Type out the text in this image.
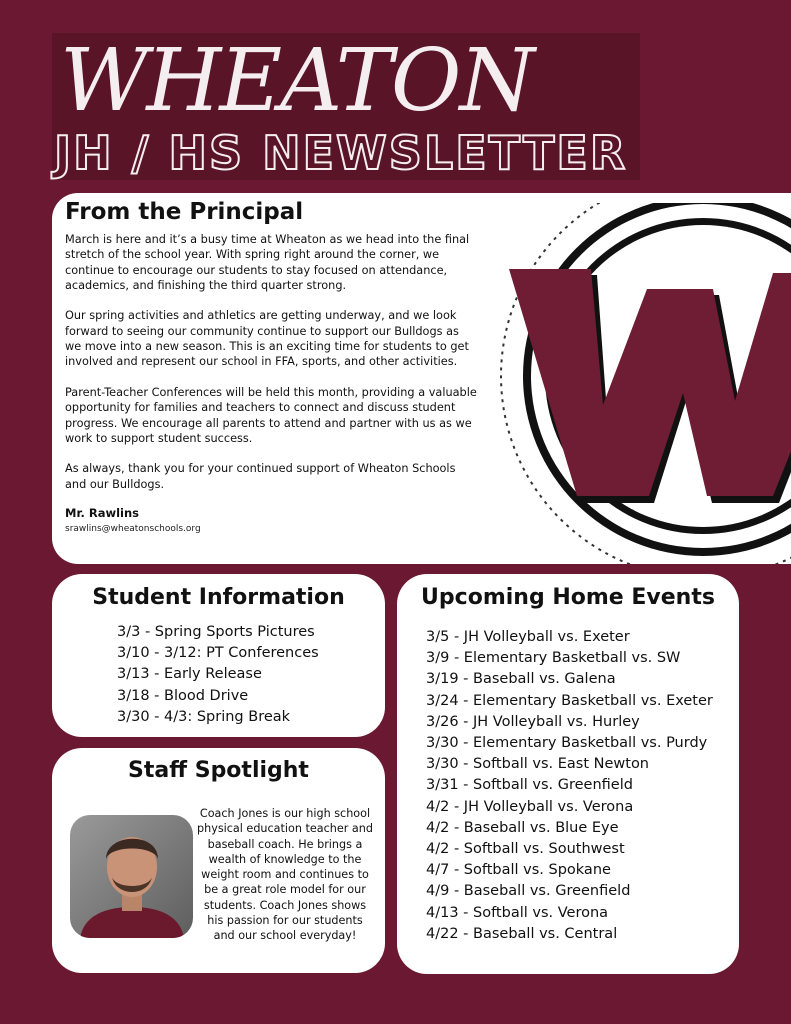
WHEATON
JH / HS NEWSLETTER
From the Principal

March is here and it’s a busy time at Wheaton as we head into the final stretch of the school year. With spring right around the corner, we continue to encourage our students to stay focused on attendance, academics, and finishing the third quarter strong.

Our spring activities and athletics are getting underway, and we look forward to seeing our community continue to support our Bulldogs as we move into a new season. This is an exciting time for students to get involved and represent our school in FFA, sports, and other activities.

Parent-Teacher Conferences will be held this month, providing a valuable opportunity for families and teachers to connect and discuss student progress. We encourage all parents to attend and partner with us as we work to support student success.

As always, thank you for your continued support of Wheaton Schools and our Bulldogs.

Mr. Rawlins
srawlins@wheatonschools.org
Student Information
3/3 - Spring Sports Pictures
3/10 - 3/12: PT Conferences
3/13 - Early Release
3/18 - Blood Drive
3/30 - 4/3: Spring Break
Staff Spotlight
Coach Jones is our high school physical education teacher and baseball coach. He brings a wealth of knowledge to the weight room and continues to be a great role model for our students. Coach Jones shows his passion for our students and our school everyday!
Upcoming Home Events
3/5 - JH Volleyball vs. Exeter
3/9 - Elementary Basketball vs. SW
3/19 - Baseball vs. Galena
3/24 - Elementary Basketball vs. Exeter
3/26 - JH Volleyball vs. Hurley
3/30 - Elementary Basketball vs. Purdy
3/30 - Softball vs. East Newton
3/31 - Softball vs. Greenfield
4/2 - JH Volleyball vs. Verona
4/2 - Baseball vs. Blue Eye
4/2 - Softball vs. Southwest
4/7 - Softball vs. Spokane
4/9 - Baseball vs. Greenfield
4/13 - Softball vs. Verona
4/22 - Baseball vs. Central
